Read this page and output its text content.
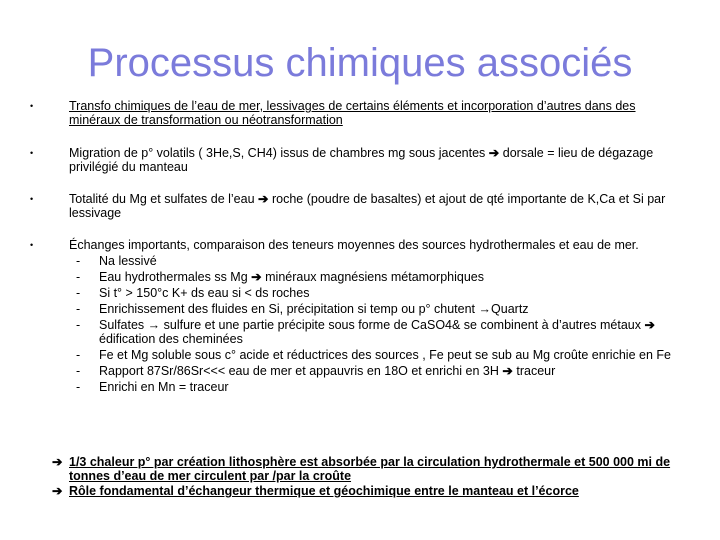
Processus chimiques associés
•	Transfo chimiques de l’eau de mer, lessivages de certains éléments et incorporation d’autres dans des minéraux de transformation ou néotransformation
•	Migration de p° volatils ( 3He,S, CH4) issus de chambres mg sous jacentes ➔ dorsale = lieu de dégazage privilégié du manteau
•	Totalité du Mg et sulfates de l’eau ➔ roche (poudre de basaltes) et ajout de qté importante de K,Ca et Si par lessivage
•	Échanges importants, comparaison des teneurs moyennes des sources hydrothermales et eau de mer.
- Na lessivé
- Eau hydrothermales ss Mg ➔ minéraux magnésiens métamorphiques
- Si t° > 150°c K+ ds eau si < ds roches
- Enrichissement des fluides en Si, précipitation si temp ou p° chutent →Quartz
- Sulfates → sulfure et une partie précipite sous forme de CaSO4& se combinent à d’autres métaux ➔ édification des cheminées
- Fe et Mg soluble sous c° acide et réductrices des sources , Fe peut se sub au Mg croûte enrichie en Fe
- Rapport 87Sr/86Sr<<< eau de mer et appauvris en 18O et enrichi en 3H ➔ traceur
- Enrichi en Mn = traceur
➔ 1/3 chaleur p° par création lithosphère est absorbée par la circulation hydrothermale et 500 000 mi de tonnes d’eau de mer circulent par /par la croûte
➔ Rôle fondamental d’échangeur thermique et géochimique entre le manteau et l’écorce
